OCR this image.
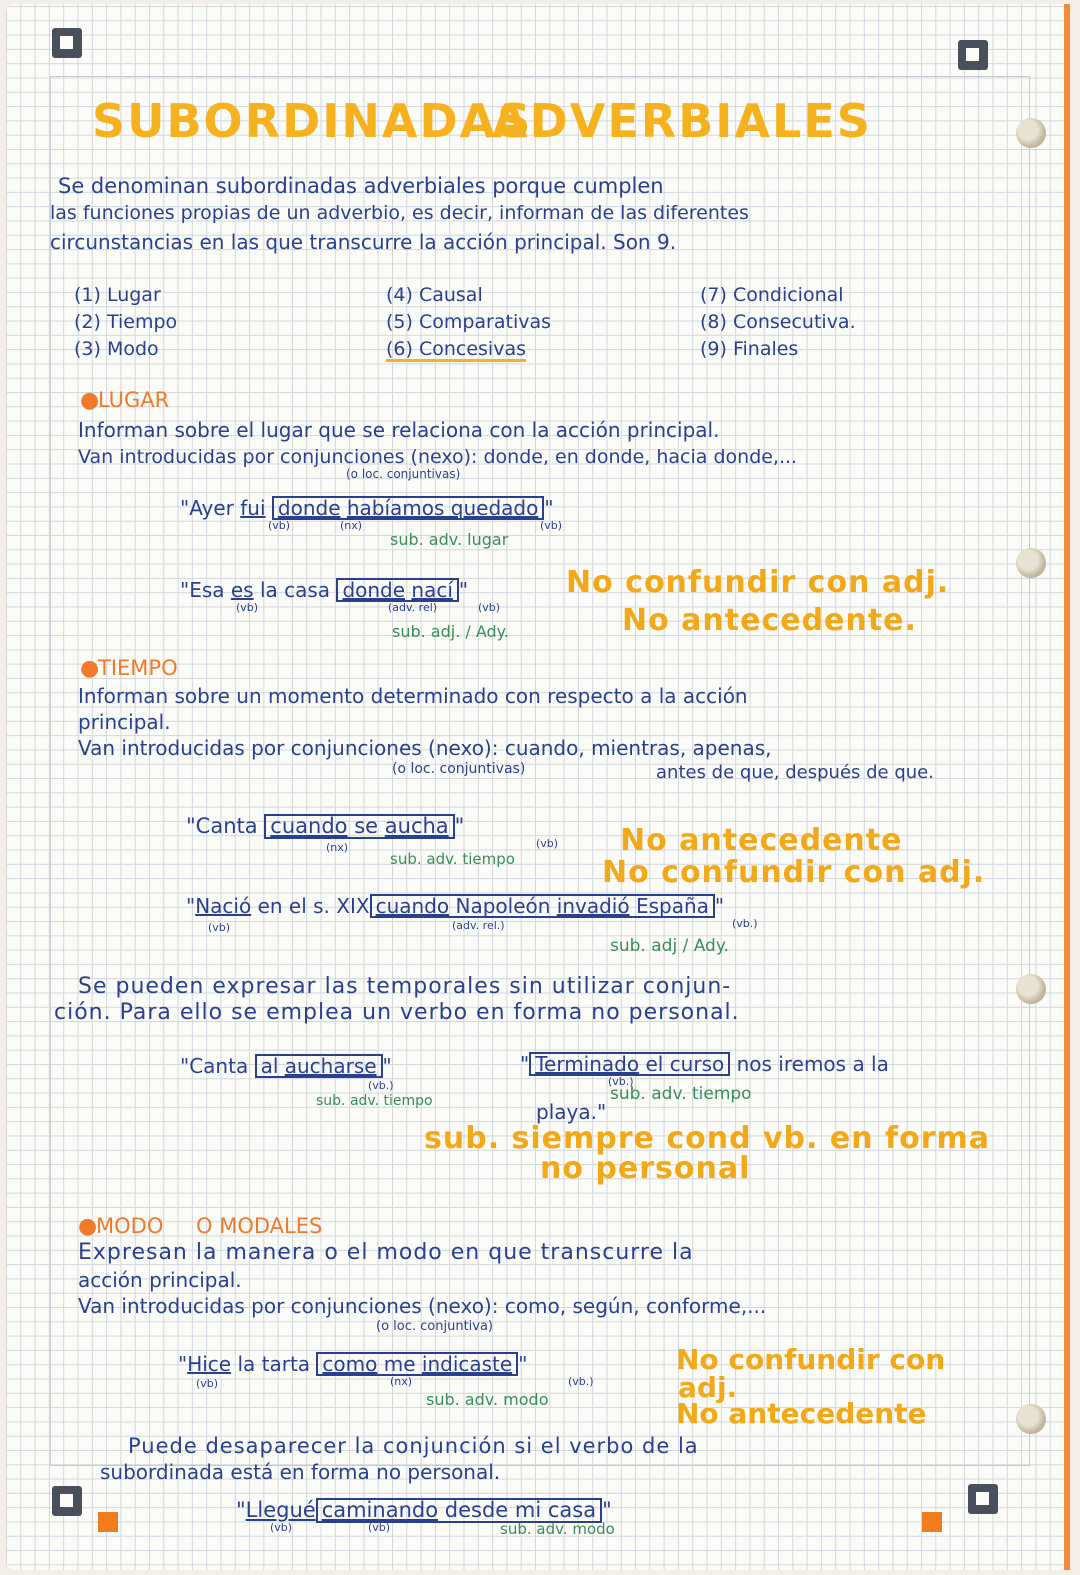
SUBORDINADAS
ADVERBIALES
Se denominan subordinadas adverbiales porque cumplen
las funciones propias de un adverbio, es decir, informan de las diferentes
circunstancias en las que transcurre la acción principal. Son 9.
(1) Lugar
(2) Tiempo
(3) Modo
(4) Causal
(5) Comparativas
(6) Concesivas
(7) Condicional
(8) Consecutiva.
(9) Finales
●
LUGAR
Informan sobre el lugar que se relaciona con la acción principal.
Van introducidas por conjunciones (nexo): donde, en donde, hacia donde,...
(o loc. conjuntivas)
"Ayer fui donde habíamos quedado "
(vb)	(nx)	(vb)
sub. adv. lugar
"Esa es la casa donde nací "
(vb)	(adv. rel)	(vb)
sub. adj. / Ady.
No confundir con adj.
No antecedente.
●
TIEMPO
Informan sobre un momento determinado con respecto a la acción
principal.
Van introducidas por conjunciones (nexo): cuando, mientras, apenas,
(o loc. conjuntivas)	antes de que, después de que.
"Canta cuando se aucha "
(nx)	(vb)
sub. adv. tiempo
No antecedente
No confundir con adj.
"Nació en el s. XIX cuando Napoleón invadió España "
(vb)	(adv. rel.)	(vb.)
sub. adj / Ady.
Se pueden expresar las temporales sin utilizar conjun-
ción. Para ello se emplea un verbo en forma no personal.
"Canta al aucharse "
(vb.)
sub. adv. tiempo
" Terminado el curso nos iremos a la
(vb.)
sub. adv. tiempo
playa."
sub. siempre cond vb. en forma
no personal
●
MODO O MODALES
Expresan la manera o el modo en que transcurre la
acción principal.
Van introducidas por conjunciones (nexo): como, según, conforme,...
(o loc. conjuntiva)
"Hice la tarta como me indicaste "
(vb)	(nx)	(vb.)
sub. adv. modo
No confundir con
adj.
No antecedente
Puede desaparecer la conjunción si el verbo de la
subordinada está en forma no personal.
"Llegué caminando desde mi casa "
(vb)	(vb)	sub. adv. modo
